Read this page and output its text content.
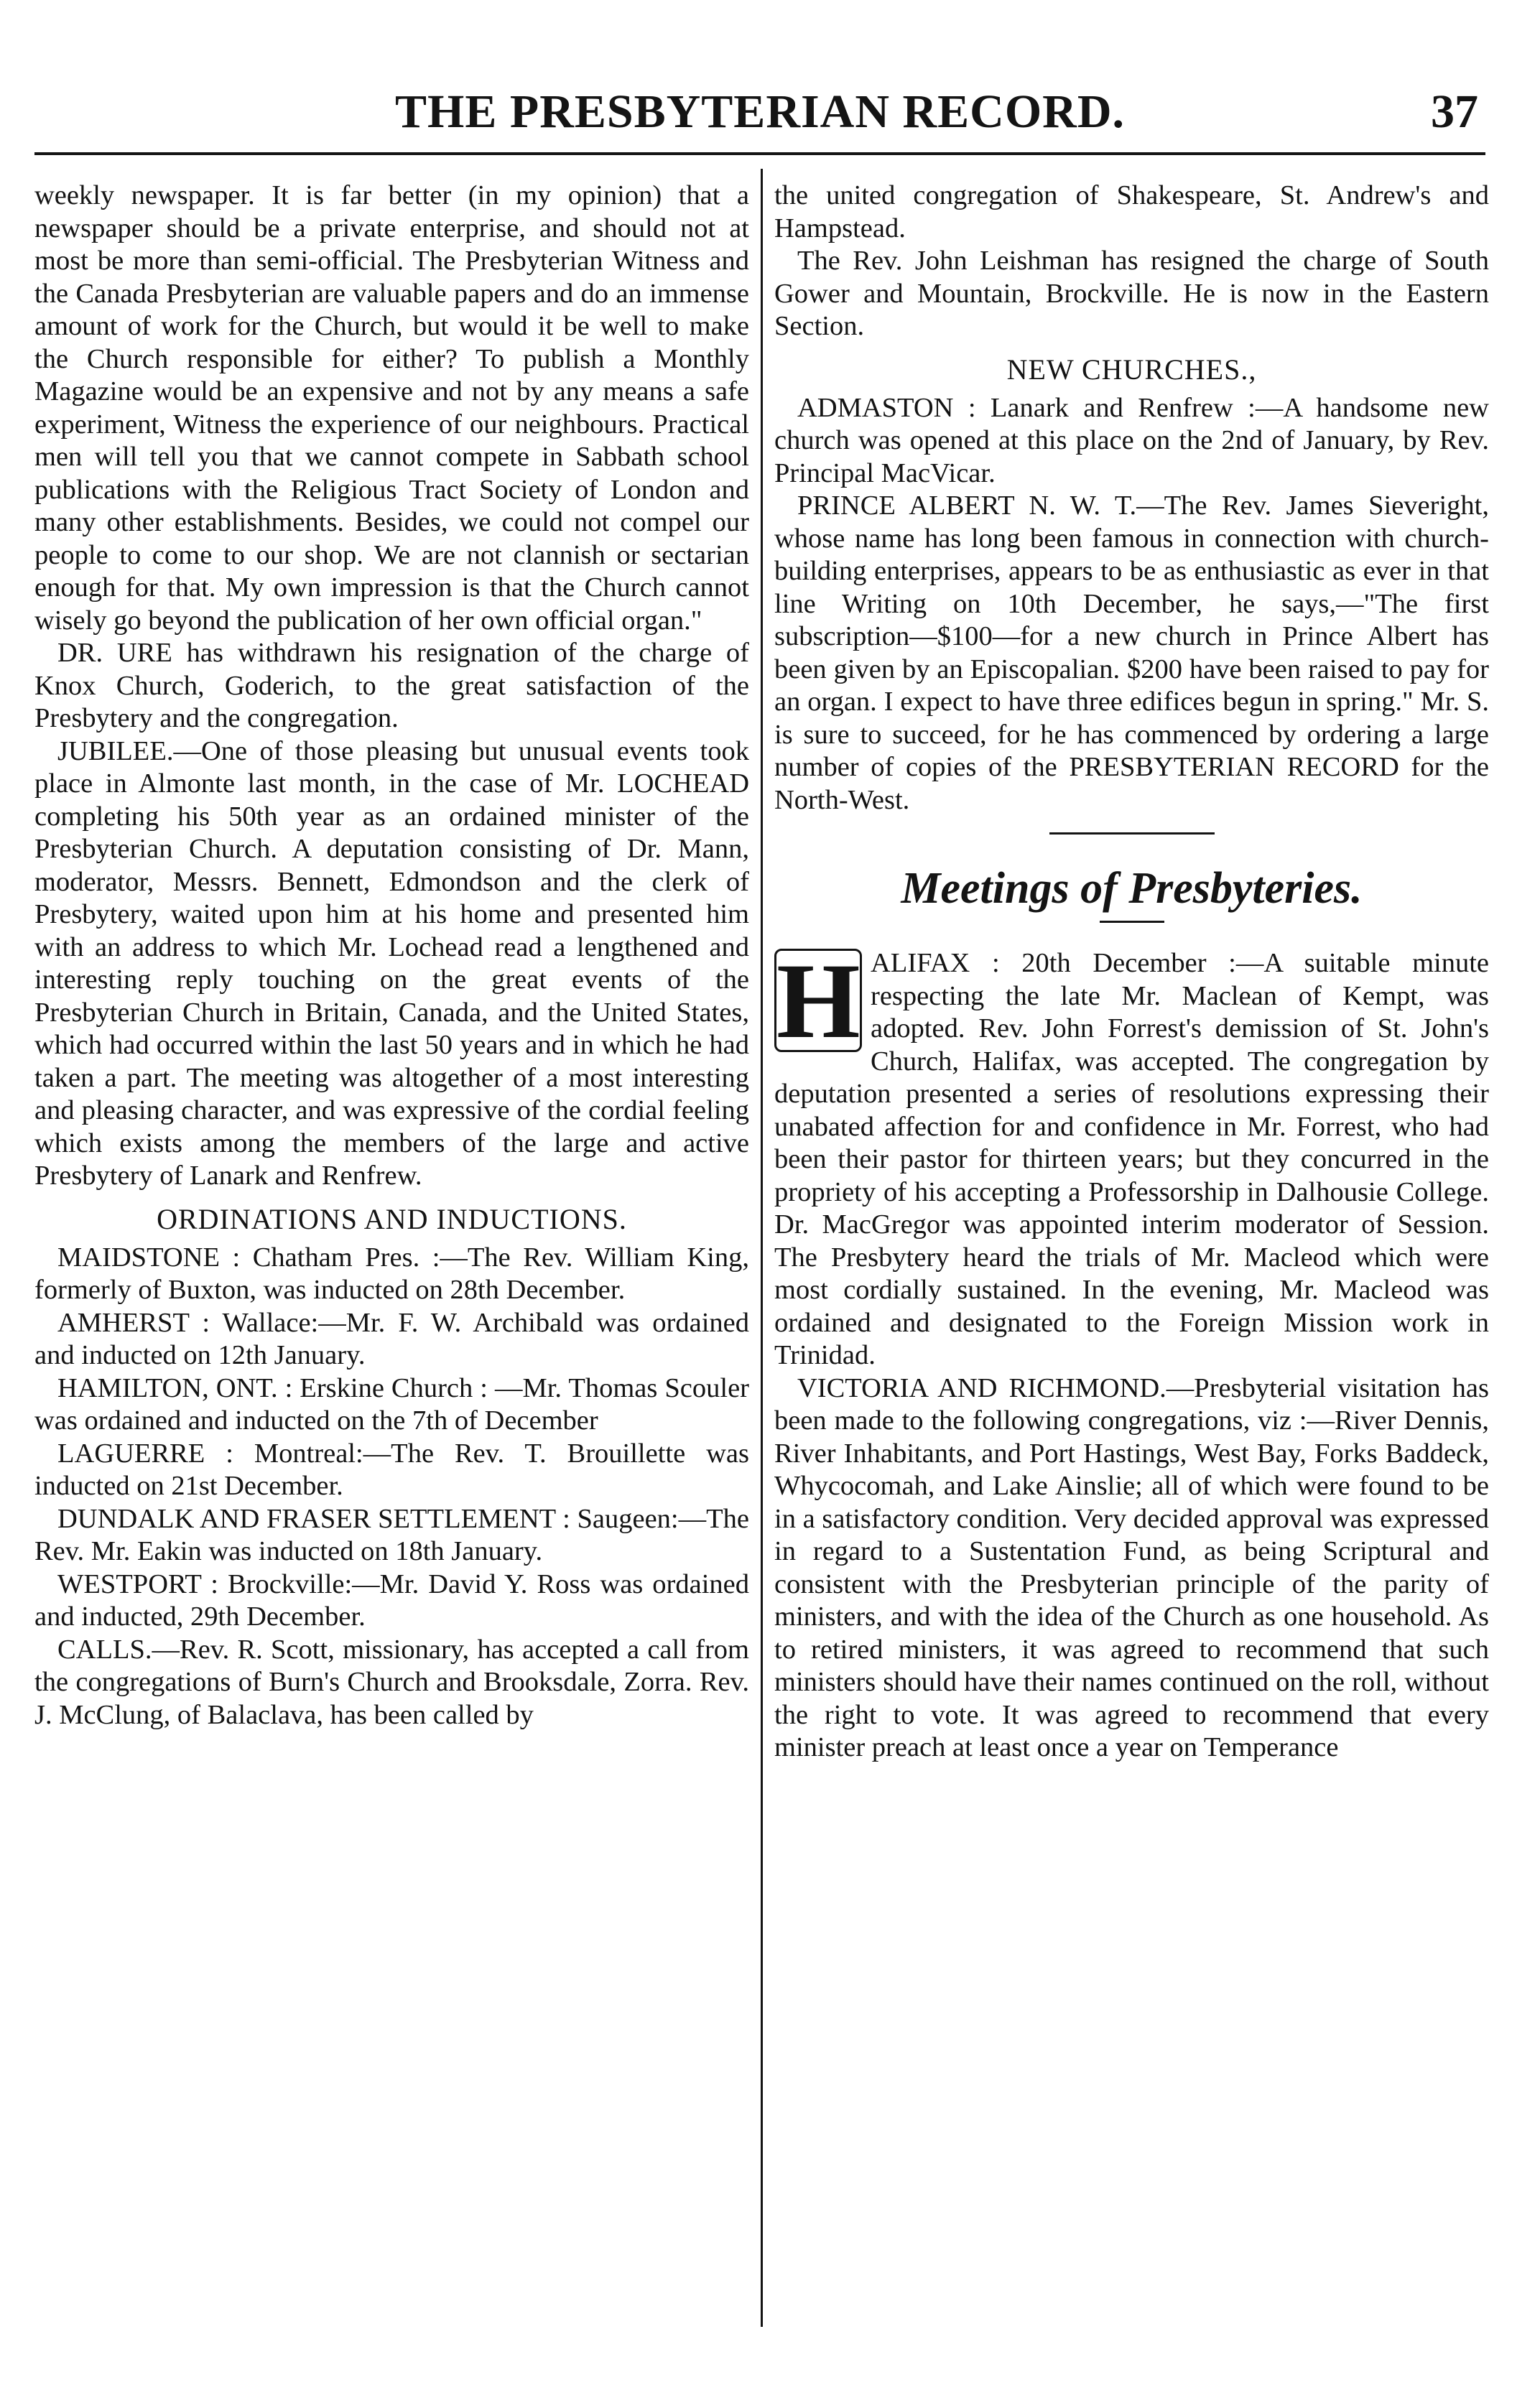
THE PRESBYTERIAN RECORD.	37

weekly newspaper. It is far better (in my opinion) that a newspaper should be a private enterprise, and should not at most be more than semi-official. The Presbyterian Witness and the Canada Presbyterian are valuable papers and do an immense amount of work for the Church, but would it be well to make the Church responsible for either? To publish a Monthly Magazine would be an expensive and not by any means a safe experiment, Witness the experience of our neighbours. Practical men will tell you that we cannot compete in Sabbath school publications with the Religious Tract Society of London and many other establishments. Besides, we could not compel our people to come to our shop. We are not clannish or sectarian enough for that. My own impression is that the Church cannot wisely go beyond the publication of her own official organ."

DR. URE has withdrawn his resignation of the charge of Knox Church, Goderich, to the great satisfaction of the Presbytery and the congregation.

JUBILEE.—One of those pleasing but unusual events took place in Almonte last month, in the case of Mr. LOCHEAD completing his 50th year as an ordained minister of the Presbyterian Church. A deputation consisting of Dr. Mann, moderator, Messrs. Bennett, Edmondson and the clerk of Presbytery, waited upon him at his home and presented him with an address to which Mr. Lochead read a lengthened and interesting reply touching on the great events of the Presbyterian Church in Britain, Canada, and the United States, which had occurred within the last 50 years and in which he had taken a part. The meeting was altogether of a most interesting and pleasing character, and was expressive of the cordial feeling which exists among the members of the large and active Presbytery of Lanark and Renfrew.

ORDINATIONS AND INDUCTIONS.

MAIDSTONE : Chatham Pres. :—The Rev. William King, formerly of Buxton, was inducted on 28th December.

AMHERST : Wallace:—Mr. F. W. Archibald was ordained and inducted on 12th January.

HAMILTON, ONT. : Erskine Church : —Mr. Thomas Scouler was ordained and inducted on the 7th of December

LAGUERRE : Montreal:—The Rev. T. Brouillette was inducted on 21st December.

DUNDALK AND FRASER SETTLEMENT : Saugeen:—The Rev. Mr. Eakin was inducted on 18th January.

WESTPORT : Brockville:—Mr. David Y. Ross was ordained and inducted, 29th December.

CALLS.—Rev. R. Scott, missionary, has accepted a call from the congregations of Burn's Church and Brooksdale, Zorra. Rev. J. McClung, of Balaclava, has been called by

the united congregation of Shakespeare, St. Andrew's and Hampstead.

The Rev. John Leishman has resigned the charge of South Gower and Mountain, Brockville. He is now in the Eastern Section.

NEW CHURCHES.,

ADMASTON : Lanark and Renfrew :—A handsome new church was opened at this place on the 2nd of January, by Rev. Principal MacVicar.

PRINCE ALBERT N. W. T.—The Rev. James Sieveright, whose name has long been famous in connection with church-building enterprises, appears to be as enthusiastic as ever in that line Writing on 10th December, he says,—"The first subscription—$100—for a new church in Prince Albert has been given by an Episcopalian. $200 have been raised to pay for an organ. I expect to have three edifices begun in spring." Mr. S. is sure to succeed, for he has commenced by ordering a large number of copies of the PRESBYTERIAN RECORD for the North-West.

Meetings of Presbyteries.
H ALIFAX : 20th December :—A suitable minute respecting the late Mr. Maclean of Kempt, was adopted. Rev. John Forrest's demission of St. John's Church, Halifax, was accepted. The congregation by deputation presented a series of resolutions expressing their unabated affection for and confidence in Mr. Forrest, who had been their pastor for thirteen years; but they concurred in the propriety of his accepting a Professorship in Dalhousie College. Dr. MacGregor was appointed interim moderator of Session. The Presbytery heard the trials of Mr. Macleod which were most cordially sustained. In the evening, Mr. Macleod was ordained and designated to the Foreign Mission work in Trinidad.

VICTORIA AND RICHMOND.—Presbyterial visitation has been made to the following congregations, viz :—River Dennis, River Inhabitants, and Port Hastings, West Bay, Forks Baddeck, Whycocomah, and Lake Ainslie; all of which were found to be in a satisfactory condition. Very decided approval was expressed in regard to a Sustentation Fund, as being Scriptural and consistent with the Presbyterian principle of the parity of ministers, and with the idea of the Church as one household. As to retired ministers, it was agreed to recommend that such ministers should have their names continued on the roll, without the right to vote. It was agreed to recommend that every minister preach at least once a year on Temperance
